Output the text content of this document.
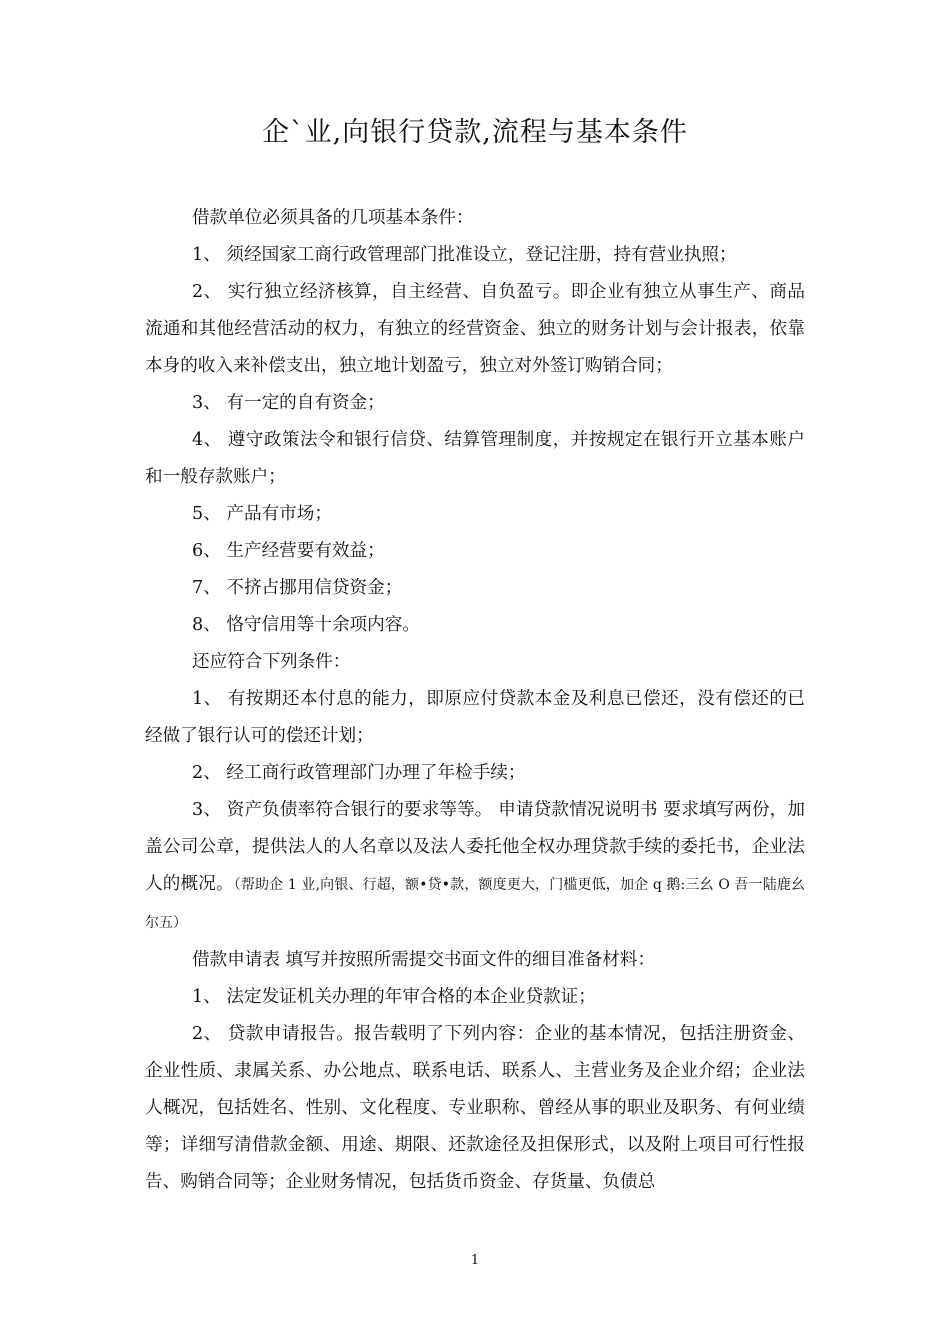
企`业,向银行贷款,流程与基本条件

借款单位必须具备的几项基本条件：

1、 须经国家工商行政管理部门批准设立，登记注册，持有营业执照；

2、 实行独立经济核算，自主经营、自负盈亏。即企业有独立从事生产、商品流通和其他经营活动的权力，有独立的经营资金、独立的财务计划与会计报表，依靠本身的收入来补偿支出，独立地计划盈亏，独立对外签订购销合同；

3、 有一定的自有资金；

4、 遵守政策法令和银行信贷、结算管理制度，并按规定在银行开立基本账户和一般存款账户；

5、 产品有市场；

6、 生产经营要有效益；

7、 不挤占挪用信贷资金；

8、 恪守信用等十余项内容。

还应符合下列条件：

1、 有按期还本付息的能力，即原应付贷款本金及利息已偿还，没有偿还的已经做了银行认可的偿还计划；

2、 经工商行政管理部门办理了年检手续；

3、 资产负债率符合银行的要求等等。 申请贷款情况说明书 要求填写两份，加盖公司公章，提供法人的人名章以及法人委托他全权办理贷款手续的委托书，企业法人的概况。（帮助企 1 业,向银、行超，额•贷•款，额度更大，门槛更低，加企 q 鹅:三幺 O 吾一陆鹿幺尔五）

借款申请表 填写并按照所需提交书面文件的细目准备材料：

1、 法定发证机关办理的年审合格的本企业贷款证；

2、 贷款申请报告。报告载明了下列内容：企业的基本情况，包括注册资金、企业性质、隶属关系、办公地点、联系电话、联系人、主营业务及企业介绍；企业法人概况，包括姓名、性别、文化程度、专业职称、曾经从事的职业及职务、有何业绩等；详细写清借款金额、用途、期限、还款途径及担保形式，以及附上项目可行性报告、购销合同等；企业财务情况，包括货币资金、存货量、负债总

1
